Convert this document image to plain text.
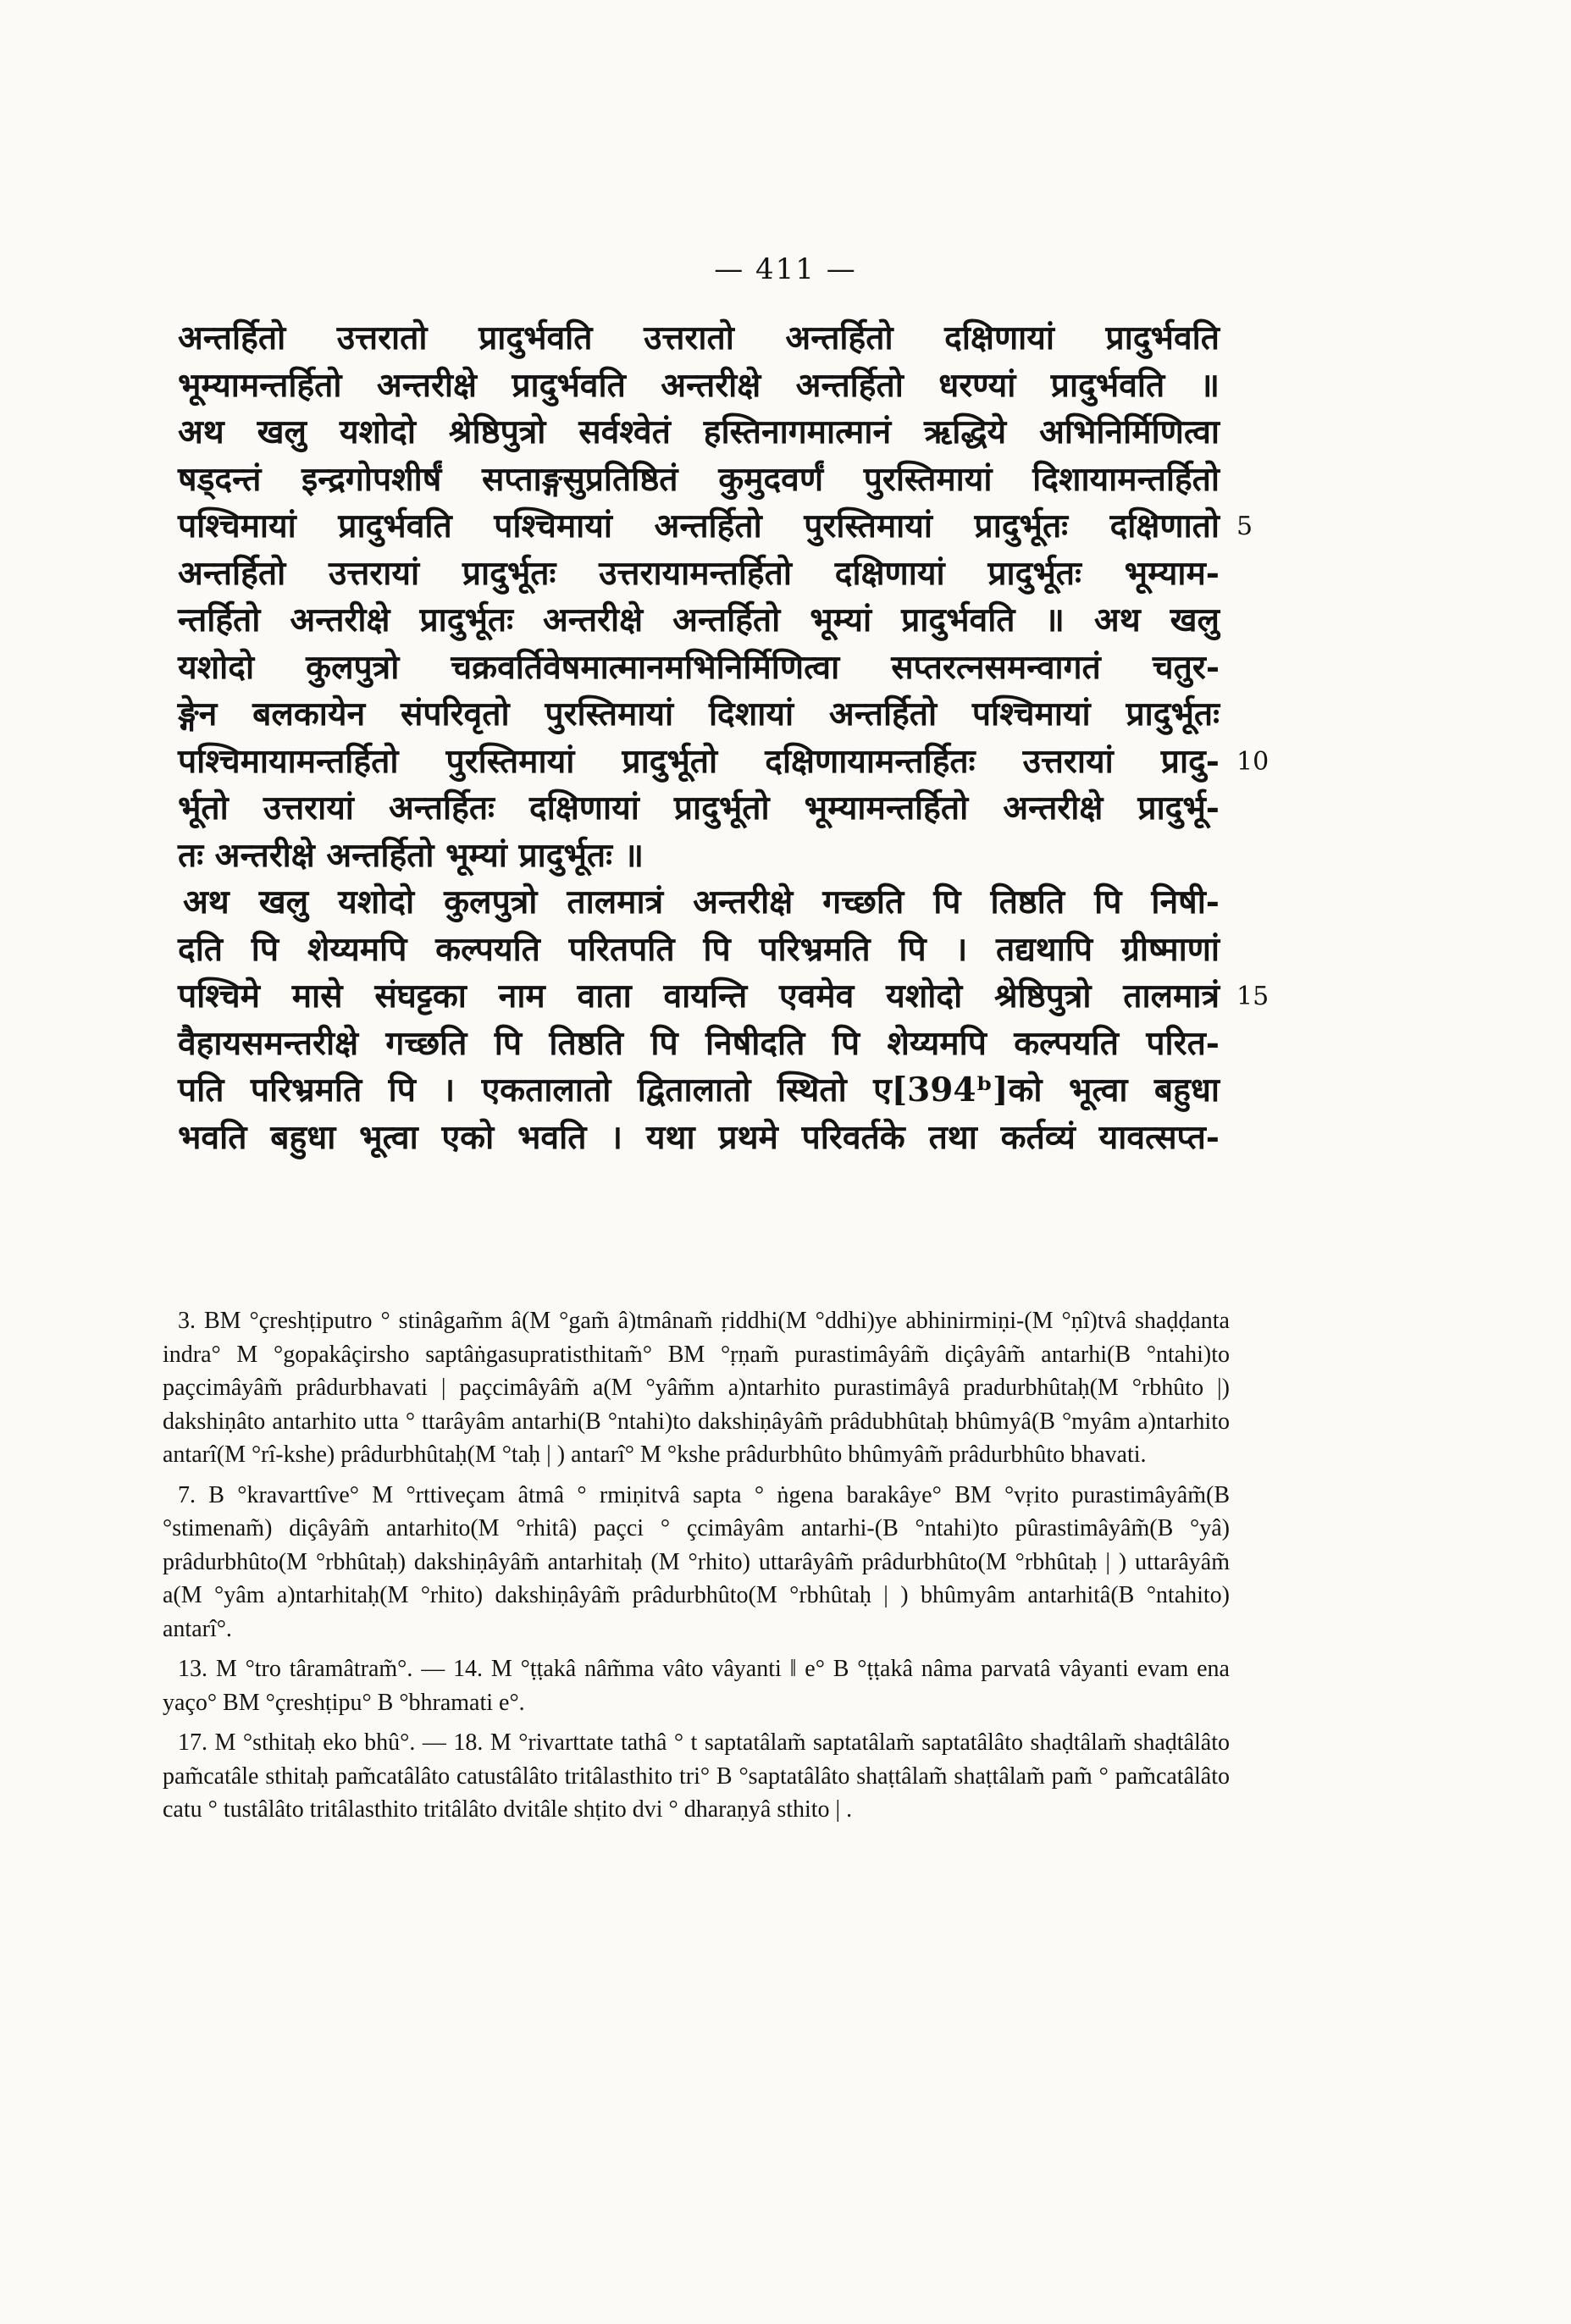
— 411 —
अन्तर्हितो उत्तरातो प्रादुर्भवति उत्तरातो अन्तर्हितो दक्षिणायां प्रादुर्भवति
भूम्यामन्तर्हितो अन्तरीक्षे प्रादुर्भवति अन्तरीक्षे अन्तर्हितो धरण्यां प्रादुर्भवति ॥
अथ खलु यशोदो श्रेष्ठिपुत्रो सर्वश्वेतं हस्तिनागमात्मानं ऋद्धिये अभिनिर्मिणित्वा
षड्दन्तं इन्द्रगोपशीर्षं सप्ताङ्गसुप्रतिष्ठितं कुमुदवर्णं पुरस्तिमायां दिशायामन्तर्हितो
पश्चिमायां प्रादुर्भवति पश्चिमायां अन्तर्हितो पुरस्तिमायां प्रादुर्भूतः दक्षिणातो 5
अन्तर्हितो उत्तरायां प्रादुर्भूतः उत्तरायामन्तर्हितो दक्षिणायां प्रादुर्भूतः भूम्याम-
न्तर्हितो अन्तरीक्षे प्रादुर्भूतः अन्तरीक्षे अन्तर्हितो भूम्यां प्रादुर्भवति ॥ अथ खलु
यशोदो कुलपुत्रो चक्रवर्तिवेषमात्मानमभिनिर्मिणित्वा सप्तरत्नसमन्वागतं चतुर-
ङ्गेन बलकायेन संपरिवृतो पुरस्तिमायां दिशायां अन्तर्हितो पश्चिमायां प्रादुर्भूतः
पश्चिमायामन्तर्हितो पुरस्तिमायां प्रादुर्भूतो दक्षिणायामन्तर्हितः उत्तरायां प्रादु- 10
र्भूतो उत्तरायां अन्तर्हितः दक्षिणायां प्रादुर्भूतो भूम्यामन्तर्हितो अन्तरीक्षे प्रादुर्भू-
तः अन्तरीक्षे अन्तर्हितो भूम्यां प्रादुर्भूतः ॥
अथ खलु यशोदो कुलपुत्रो तालमात्रं अन्तरीक्षे गच्छति पि तिष्ठति पि निषी-
दति पि शेय्यमपि कल्पयति परितपति पि परिभ्रमति पि । तद्यथापि ग्रीष्माणां
पश्चिमे मासे संघट्टका नाम वाता वायन्ति एवमेव यशोदो श्रेष्ठिपुत्रो तालमात्रं 15
वैहायसमन्तरीक्षे गच्छति पि तिष्ठति पि निषीदति पि शेय्यमपि कल्पयति परित-
पति परिभ्रमति पि । एकतालातो द्वितालातो स्थितो ए[394ᵇ]को भूत्वा बहुधा
भवति बहुधा भूत्वा एको भवति । यथा प्रथमे परिवर्तके तथा कर्तव्यं यावत्सप्त-

3. BM °çreshṭiputro ° stinâgam̃m â(M °gam̃ â)tmânam̃ ṛiddhi(M °ddhi)ye abhinirmiṇi-(M °ṇî)tvâ shaḍḍanta indra° M °gopakâçirsho saptâṅgasupratisthitam̃° BM °ṛṇam̃ purastimâyâm̃ diçâyâm̃ antarhi(B °ntahi)to paçcimâyâm̃ prâdurbhavati | paçcimâyâm̃ a(M °yâm̃m a)ntarhito purastimâyâ pradurbhûtaḥ(M °rbhûto |) dakshiṇâto antarhito utta ° ttarâyâm antarhi(B °ntahi)to dakshiṇâyâm̃ prâdubhûtaḥ bhûmyâ(B °myâm a)ntarhito antarî(M °rî-kshe) prâdurbhûtaḥ(M °taḥ | ) antarî° M °kshe prâdurbhûto bhûmyâm̃ prâdurbhûto bhavati.

7. B °kravarttîve° M °rttiveçam âtmâ ° rmiṇitvâ sapta ° ṅgena barakâye° BM °vṛito purastimâyâm̃(B °stimenam̃) diçâyâm̃ antarhito(M °rhitâ) paçci ° çcimâyâm antarhi-(B °ntahi)to pûrastimâyâm̃(B °yâ) prâdurbhûto(M °rbhûtaḥ) dakshiṇâyâm̃ antarhitaḥ (M °rhito) uttarâyâm̃ prâdurbhûto(M °rbhûtaḥ | ) uttarâyâm̃ a(M °yâm a)ntarhitaḥ(M °rhito) dakshiṇâyâm̃ prâdurbhûto(M °rbhûtaḥ | ) bhûmyâm antarhitâ(B °ntahito) antarî°.

13. M °tro târamâtram̃°. — 14. M °ṭṭakâ nâm̃ma vâto vâyanti ‖ e° B °ṭṭakâ nâma parvatâ vâyanti evam ena yaço° BM °çreshṭipu° B °bhramati e°.

17. M °sthitaḥ eko bhû°. — 18. M °rivarttate tathâ ° t saptatâlam̃ saptatâlam̃ saptatâlâto shaḍtâlam̃ shaḍtâlâto pam̃catâle sthitaḥ pam̃catâlâto catustâlâto tritâlasthito tri° B °saptatâlâto shaṭtâlam̃ shaṭtâlam̃ pam̃ ° pam̃catâlâto catu ° tustâlâto tritâlasthito tritâlâto dvitâle shṭito dvi ° dharaṇyâ sthito | .
